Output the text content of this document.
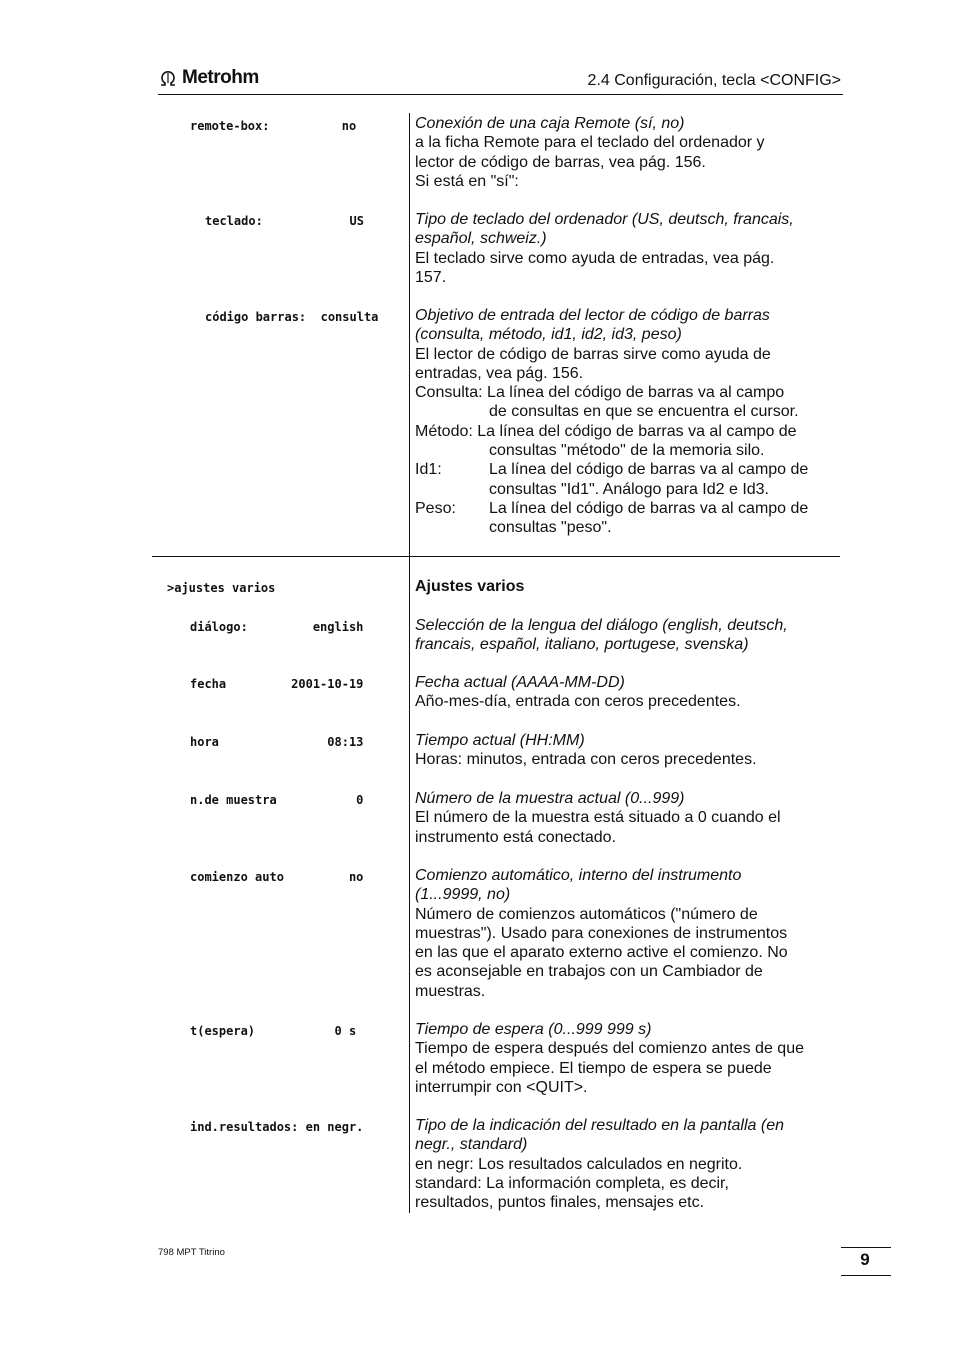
Metrohm	2.4 Configuración, tecla <CONFIG>
remote-box:          no	Conexión de una caja Remote (sí, no)

a la ficha Remote para el teclado del ordenador y

lector de código de barras, vea pág. 156.

Si está en "sí":

teclado:            US	Tipo de teclado del ordenador (US, deutsch, francais,

español, schweiz.)

El teclado sirve como ayuda de entradas, vea pág.

157.

código barras:  consulta Objetivo de entrada del lector de código de barras

(consulta, método, id1, id2, id3, peso)

El lector de código de barras sirve como ayuda de

entradas, vea pág. 156.

Consulta: La línea del código de barras va al campo

de consultas en que se encuentra el cursor.

Método: La línea del código de barras va al campo de

consultas "método" de la memoria silo.

Id1:	La línea del código de barras va al campo de

consultas "Id1". Análogo para Id2 e Id3.

Peso:	La línea del código de barras va al campo de

consultas "peso".

>ajustes varios	Ajustes varios
diálogo:         english	Selección de la lengua del diálogo (english, deutsch,

francais, español, italiano, portugese, svenska)

fecha         2001-10-19	Fecha actual (AAAA-MM-DD)

Año-mes-día, entrada con ceros precedentes.

hora               08:13	Tiempo actual (HH:MM)

Horas: minutos, entrada con ceros precedentes.

n.de muestra           0	Número de la muestra actual (0...999)

El número de la muestra está situado a 0 cuando el

instrumento está conectado.

comienzo auto         no	Comienzo automático, interno del instrumento

(1...9999, no)

Número de comienzos automáticos ("número de

muestras"). Usado para conexiones de instrumentos

en las que el aparato externo active el comienzo. No

es aconsejable en trabajos con un Cambiador de

muestras.

t(espera)           0 s	Tiempo de espera (0...999 999 s)

Tiempo de espera después del comienzo antes de que

el método empiece. El tiempo de espera se puede

interrumpir con <QUIT>.

ind.resultados: en negr.	Tipo de la indicación del resultado en la pantalla (en

negr., standard)

en negr: Los resultados calculados en negrito.

standard: La información completa, es decir,

resultados, puntos finales, mensajes etc.

798 MPT Titrino	9
